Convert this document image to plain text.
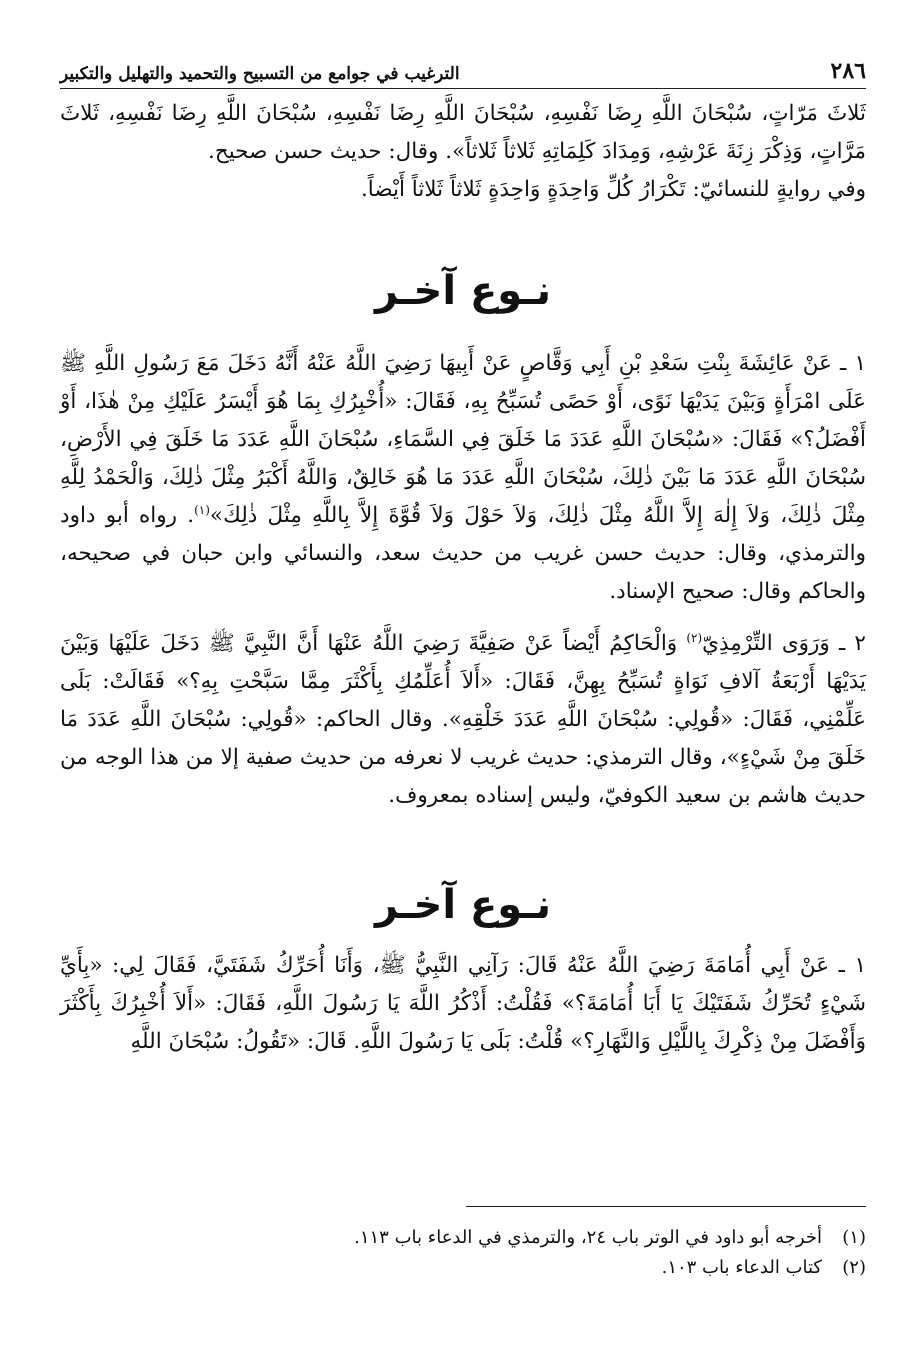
٢٨٦
الترغيب في جوامع من التسبيح والتحميد والتهليل والتكبير

ثَلاثَ مَرّاتٍ، سُبْحَانَ اللَّهِ رِضَا نَفْسِهِ، سُبْحَانَ اللَّهِ رِضَا نَفْسِهِ، سُبْحَانَ اللَّهِ رِضَا نَفْسِهِ، ثَلاثَ مَرَّاتٍ، وَذِكْرَ زِنَةَ عَرْشِهِ، وَمِدَادَ كَلِمَاتِهِ ثَلاثاً ثَلاثاً». وقال: حديث حسن صحيح.

وفي روايةٍ للنسائيّ: تَكْرَارُ كُلِّ وَاحِدَةٍ وَاحِدَةٍ ثَلاثاً ثَلاثاً أَيْضاً.

نـوع آخـر

١ ـ عَنْ عَائِشَةَ بِنْتِ سَعْدِ بْنِ أَبِي وَقَّاصٍ عَنْ أَبِيهَا رَضِيَ اللَّهُ عَنْهُ أَنَّهُ دَخَلَ مَعَ رَسُولِ اللَّهِ ﷺ عَلَى امْرَأَةٍ وَبَيْنَ يَدَيْهَا نَوًى، أَوْ حَصًى تُسَبِّحُ بِهِ، فَقَالَ: «أُخْبِرُكِ بِمَا هُوَ أَيْسَرُ عَلَيْكِ مِنْ هٰذَا، أَوْ أَفْضَلُ؟» فَقَالَ: «سُبْحَانَ اللَّهِ عَدَدَ مَا خَلَقَ فِي السَّمَاءِ، سُبْحَانَ اللَّهِ عَدَدَ مَا خَلَقَ فِي الأَرْضِ، سُبْحَانَ اللَّهِ عَدَدَ مَا بَيْنَ ذٰلِكَ، سُبْحَانَ اللَّهِ عَدَدَ مَا هُوَ خَالِقٌ، وَاللَّهُ أَكْبَرُ مِثْلَ ذٰلِكَ، وَالْحَمْدُ لِلَّهِ مِثْلَ ذٰلِكَ، وَلاَ إِلٰهَ إِلاَّ اللَّهُ مِثْلَ ذٰلِكَ، وَلاَ حَوْلَ وَلاَ قُوَّةَ إِلاَّ بِاللَّهِ مِثْلَ ذٰلِكَ»$^{(١)}$. رواه أبو داود والترمذي، وقال: حديث حسن غريب من حديث سعد، والنسائي وابن حبان في صحيحه، والحاكم وقال: صحيح الإسناد.

٢ ـ وَرَوَى التِّرْمِذِيّ$^{(٢)}$ وَالْحَاكِمُ أَيْضاً عَنْ صَفِيَّةَ رَضِيَ اللَّهُ عَنْهَا أَنَّ النَّبِيَّ ﷺ دَخَلَ عَلَيْهَا وَبَيْنَ يَدَيْهَا أَرْبَعَةُ آلافِ نَوَاةٍ تُسَبِّحُ بِهِنَّ، فَقَالَ: «أَلاَ أُعَلِّمُكِ بِأَكْثَرَ مِمَّا سَبَّحْتِ بِهِ؟» فَقَالَتْ: بَلَى عَلِّمْنِي، فَقَالَ: «قُولِي: سُبْحَانَ اللَّهِ عَدَدَ خَلْقِهِ». وقال الحاكم: «قُولِي: سُبْحَانَ اللَّهِ عَدَدَ مَا خَلَقَ مِنْ شَيْءٍ»، وقال الترمذي: حديث غريب لا نعرفه من حديث صفية إلا من هذا الوجه من حديث هاشم بن سعيد الكوفيّ، وليس إسناده بمعروف.

نـوع آخـر

١ ـ عَنْ أَبِي أُمَامَةَ رَضِيَ اللَّهُ عَنْهُ قَالَ: رَآنِي النَّبِيُّ ﷺ، وَأَنَا أُحَرِّكُ شَفَتَيَّ، فَقَالَ لِي: «بِأَيِّ شَيْءٍ تُحَرِّكُ شَفَتَيْكَ يَا أَبَا أُمَامَةَ؟» فَقُلْتُ: أَذْكُرُ اللَّهَ يَا رَسُولَ اللَّهِ، فَقَالَ: «أَلاَ أُخْبِرُكَ بِأَكْثَرَ وَأَفْضَلَ مِنْ ذِكْرِكَ بِاللَّيْلِ وَالنَّهَارِ؟» قُلْتُ: بَلَى يَا رَسُولَ اللَّهِ. قَالَ: «تَقُولُ: سُبْحَانَ اللَّهِ

(١)
أخرجه أبو داود في الوتر باب ٢٤، والترمذي في الدعاء باب ١١٣.
(٢)
كتاب الدعاء باب ١٠٣.
